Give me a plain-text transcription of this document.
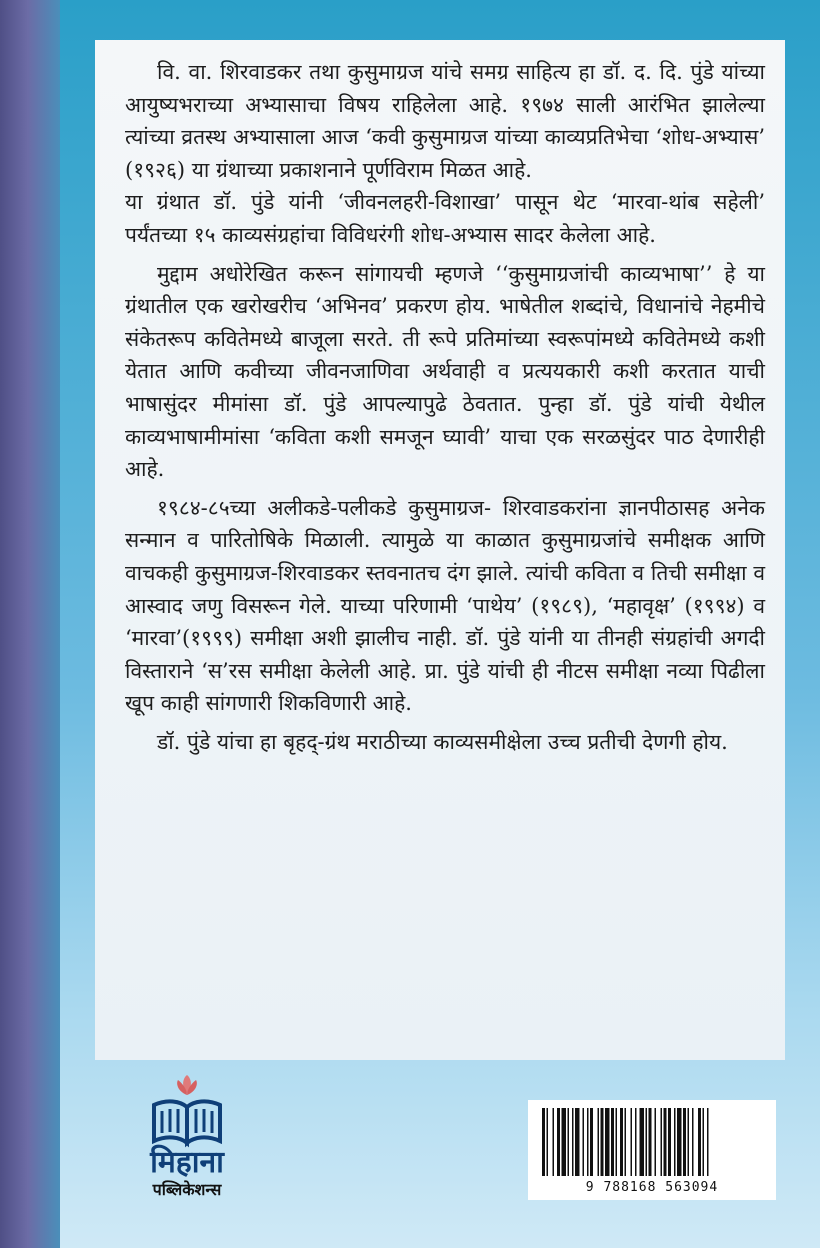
वि. वा. शिरवाडकर तथा कुसुमाग्रज यांचे समग्र साहित्य हा डॉ. द. दि. पुंडे यांच्या आयुष्यभराच्या अभ्यासाचा विषय राहिलेला आहे. १९७४ साली आरंभित झालेल्या त्यांच्या व्रतस्थ अभ्यासाला आज ‘कवी कुसुमाग्रज यांच्या काव्यप्रतिभेचा ‘शोध-अभ्यास’ (१९२६) या ग्रंथाच्या प्रकाशनाने पूर्णविराम मिळत आहे.

या ग्रंथात डॉ. पुंडे यांनी ‘जीवनलहरी-विशाखा’ पासून थेट ‘मारवा-थांब सहेली’ पर्यंतच्या १५ काव्यसंग्रहांचा विविधरंगी शोध-अभ्यास सादर केलेला आहे.

मुद्दाम अधोरेखित करून सांगायची म्हणजे ‘‘कुसुमाग्रजांची काव्यभाषा’’ हे या ग्रंथातील एक खरोखरीच ‘अभिनव’ प्रकरण होय. भाषेतील शब्दांचे, विधानांचे नेहमीचे संकेतरूप कवितेमध्ये बाजूला सरते. ती रूपे प्रतिमांच्या स्वरूपांमध्ये कवितेमध्ये कशी येतात आणि कवीच्या जीवनजाणिवा अर्थवाही व प्रत्ययकारी कशी करतात याची भाषासुंदर मीमांसा डॉ. पुंडे आपल्यापुढे ठेवतात. पुन्हा डॉ. पुंडे यांची येथील काव्यभाषामीमांसा ‘कविता कशी समजून घ्यावी’ याचा एक सरळसुंदर पाठ देणारीही आहे.

१९८४-८५च्या अलीकडे-पलीकडे कुसुमाग्रज- शिरवाडकरांना ज्ञानपीठासह अनेक सन्मान व पारितोषिके मिळाली. त्यामुळे या काळात कुसुमाग्रजांचे समीक्षक आणि वाचकही कुसुमाग्रज-शिरवाडकर स्तवनातच दंग झाले. त्यांची कविता व तिची समीक्षा व आस्वाद जणु विसरून गेले. याच्या परिणामी ‘पाथेय’ (१९८९), ‘महावृक्ष’ (१९९४) व ‘मारवा’(१९९९) समीक्षा अशी झालीच नाही. डॉ. पुंडे यांनी या तीनही संग्रहांची अगदी विस्ताराने ‘स’रस समीक्षा केलेली आहे. प्रा. पुंडे यांची ही नीटस समीक्षा नव्या पिढीला खूप काही सांगणारी शिकविणारी आहे.

डॉ. पुंडे यांचा हा बृहद्-ग्रंथ मराठीच्या काव्यसमीक्षेला उच्च प्रतीची देणगी होय.

मिहाना
पब्लिकेशन्स	9 788168 563094
